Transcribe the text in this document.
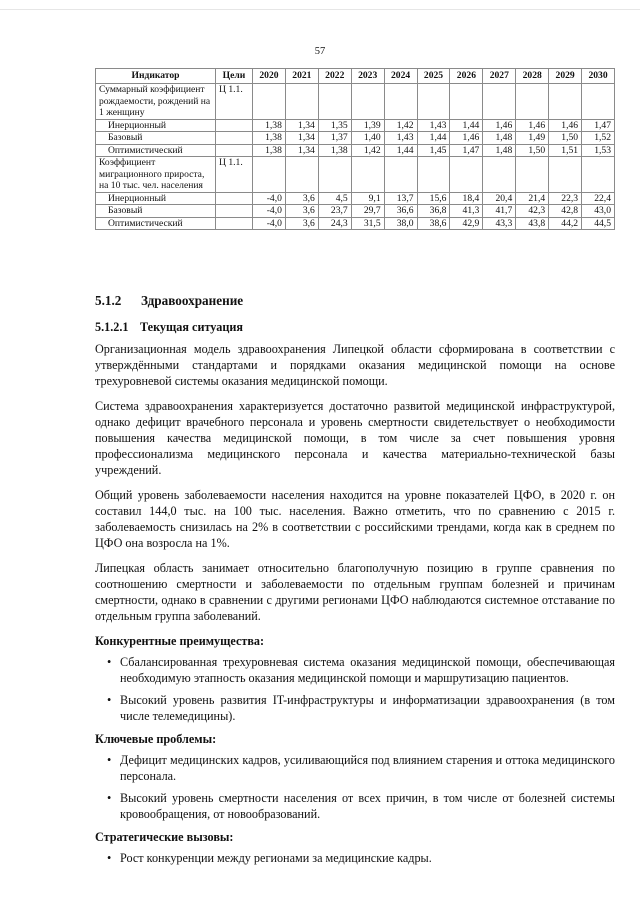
57
Индикатор	Цели	2020	2021	2022	2023	2024	2025	2026	2027	2028	2029	2030
Суммарный коэффициент рождаемости, рождений на 1 женщину	Ц 1.1.											
Инерционный		1,38	1,34	1,35	1,39	1,42	1,43	1,44	1,46	1,46	1,46	1,47
Базовый		1,38	1,34	1,37	1,40	1,43	1,44	1,46	1,48	1,49	1,50	1,52
Оптимистический		1,38	1,34	1,38	1,42	1,44	1,45	1,47	1,48	1,50	1,51	1,53
Коэффициент миграционного прироста, на 10 тыс. чел. населения	Ц 1.1.											
Инерционный		-4,0	3,6	4,5	9,1	13,7	15,6	18,4	20,4	21,4	22,3	22,4
Базовый		-4,0	3,6	23,7	29,7	36,6	36,8	41,3	41,7	42,3	42,8	43,0
Оптимистический		-4,0	3,6	24,3	31,5	38,0	38,6	42,9	43,3	43,8	44,2	44,5
5.1.2 Здравоохранение
5.1.2.1 Текущая ситуация

Организационная модель здравоохранения Липецкой области сформирована в соответствии с утверждёнными стандартами и порядками оказания медицинской помощи на основе трехуровневой системы оказания медицинской помощи.

Система здравоохранения характеризуется достаточно развитой медицинской инфраструктурой, однако дефицит врачебного персонала и уровень смертности свидетельствует о необходимости повышения качества медицинской помощи, в том числе за счет повышения уровня профессионализма медицинского персонала и качества материально-технической базы учреждений.

Общий уровень заболеваемости населения находится на уровне показателей ЦФО, в 2020 г. он составил 144,0 тыс. на 100 тыс. населения. Важно отметить, что по сравнению с 2015 г. заболеваемость снизилась на 2% в соответствии с российскими трендами, когда как в среднем по ЦФО она возросла на 1%.

Липецкая область занимает относительно благополучную позицию в группе сравнения по соотношению смертности и заболеваемости по отдельным группам болезней и причинам смертности, однако в сравнении с другими регионами ЦФО наблюдаются системное отставание по отдельным группа заболеваний.

Конкурентные преимущества:
• Сбалансированная трехуровневая система оказания медицинской помощи, обеспечивающая необходимую этапность оказания медицинской помощи и маршрутизацию пациентов.
• Высокий уровень развития IT-инфраструктуры и информатизации здравоохранения (в том числе телемедицины).
Ключевые проблемы:
• Дефицит медицинских кадров, усиливающийся под влиянием старения и оттока медицинского персонала.
• Высокий уровень смертности населения от всех причин, в том числе от болезней системы кровообращения, от новообразований.
Стратегические вызовы:
• Рост конкуренции между регионами за медицинские кадры.
